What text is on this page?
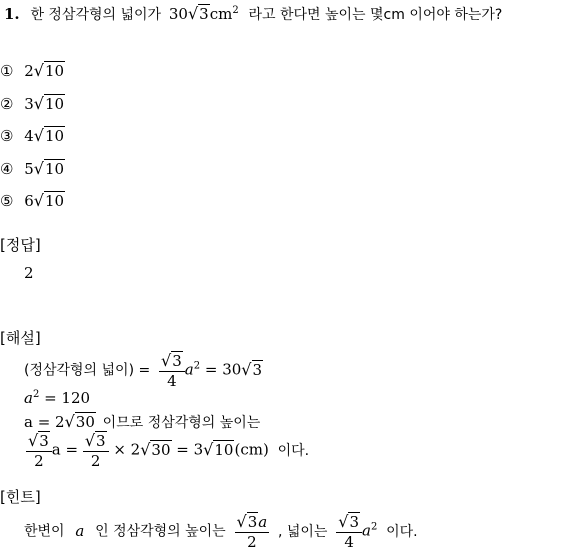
1. 한 정삼각형의 넓이가 $30√3cm^2$ 라고 한다면 높이는 몇cm 이어야 하는가?
① 2√10
② 3√10
③ 4√10
④ 5√10
⑤ 6√10
[정답]
2
[해설]
(정삼각형의 넓이) = $\frac{√3}{4} a^2 = 30√3$
$a^2 = 120$
a = 2√30 이므로 정삼각형의 높이는
$\frac{√3}{2}$ $a = \frac{√3}{2} \times 2√30 = 3√10(cm)$ 이다.
[힌트]
한변이 a 인 정삼각형의 높이는 $\frac{√3a}{2}$ , 넓이는 $\frac{√3}{4} a^2$ 이다.
